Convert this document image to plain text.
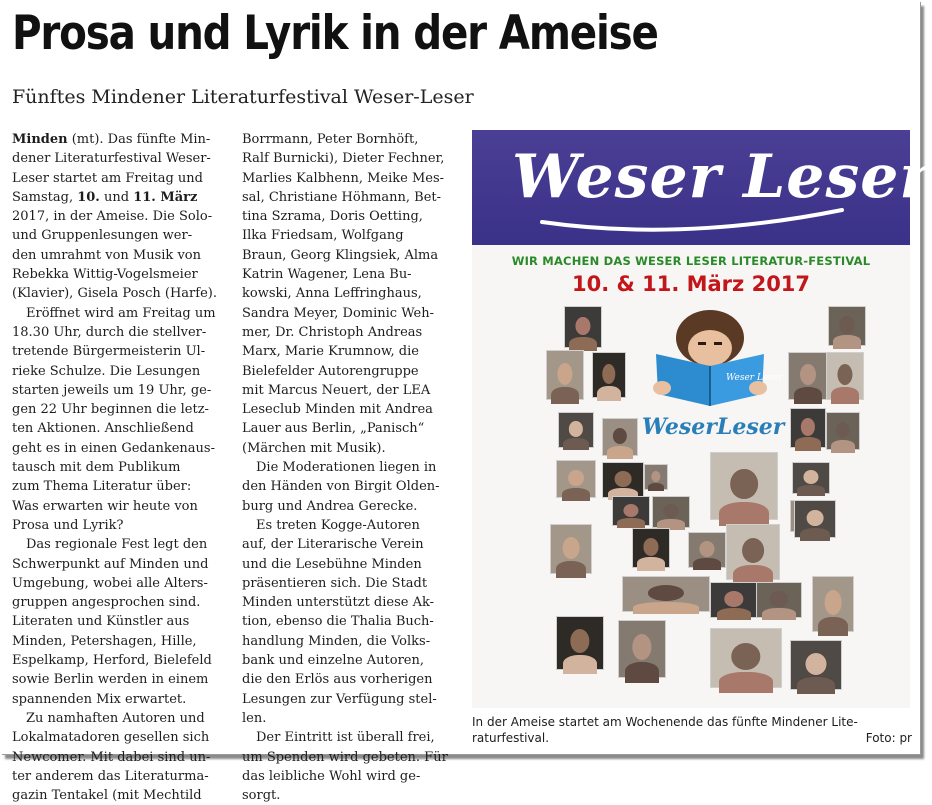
Prosa und Lyrik in der Ameise
Fünftes Mindener Literaturfestival Weser-Leser
Minden (mt). Das fünfte Min-
dener Literaturfestival Weser-
Leser startet am Freitag und
Samstag, 10. und 11. März
2017, in der Ameise. Die Solo-
und Gruppenlesungen wer-
den umrahmt von Musik von
Rebekka Wittig-Vogelsmeier
(Klavier), Gisela Posch (Harfe).
Eröffnet wird am Freitag um
18.30 Uhr, durch die stellver-
tretende Bürgermeisterin Ul-
rieke Schulze. Die Lesungen
starten jeweils um 19 Uhr, ge-
gen 22 Uhr beginnen die letz-
ten Aktionen. Anschließend
geht es in einen Gedankenaus-
tausch mit dem Publikum
zum Thema Literatur über:
Was erwarten wir heute von
Prosa und Lyrik?
Das regionale Fest legt den
Schwerpunkt auf Minden und
Umgebung, wobei alle Alters-
gruppen angesprochen sind.
Literaten und Künstler aus
Minden, Petershagen, Hille,
Espelkamp, Herford, Bielefeld
sowie Berlin werden in einem
spannenden Mix erwartet.
Zu namhaften Autoren und
Lokalmatadoren gesellen sich
Newcomer. Mit dabei sind un-
ter anderem das Literaturma-
gazin Tentakel (mit Mechtild
Borrmann, Peter Bornhöft,
Ralf Burnicki), Dieter Fechner,
Marlies Kalbhenn, Meike Mes-
sal, Christiane Höhmann, Bet-
tina Szrama, Doris Oetting,
Ilka Friedsam, Wolfgang
Braun, Georg Klingsiek, Alma
Katrin Wagener, Lena Bu-
kowski, Anna Leffringhaus,
Sandra Meyer, Dominic Weh-
mer, Dr. Christoph Andreas
Marx, Marie Krumnow, die
Bielefelder Autorengruppe
mit Marcus Neuert, der LEA
Leseclub Minden mit Andrea
Lauer aus Berlin, „Panisch“
(Märchen mit Musik).
Die Moderationen liegen in
den Händen von Birgit Olden-
burg und Andrea Gerecke.
Es treten Kogge-Autoren
auf, der Literarische Verein
und die Lesebühne Minden
präsentieren sich. Die Stadt
Minden unterstützt diese Ak-
tion, ebenso die Thalia Buch-
handlung Minden, die Volks-
bank und einzelne Autoren,
die den Erlös aus vorherigen
Lesungen zur Verfügung stel-
len.
Der Eintritt ist überall frei,
um Spenden wird gebeten. Für
das leibliche Wohl wird ge-
sorgt.
Weser Leser
WIR MACHEN DAS WESER LESER LITERATUR-FESTIVAL
10. & 11. März 2017
Weser Leser
WeserLeser
In der Ameise startet am Wochenende das fünfte Mindener Lite-
raturfestival.	Foto: pr
